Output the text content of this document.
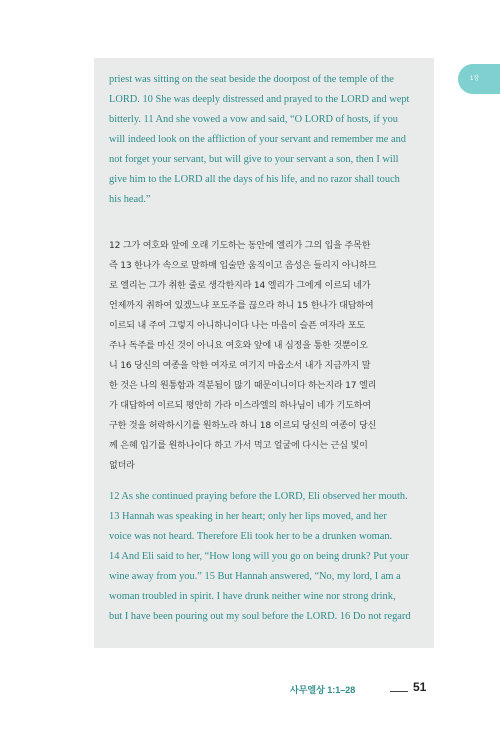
1장

priest was sitting on the seat beside the doorpost of the temple of the
LORD. 10 She was deeply distressed and prayed to the LORD and wept
bitterly. 11 And she vowed a vow and said, “O LORD of hosts, if you
will indeed look on the affliction of your servant and remember me and
not forget your servant, but will give to your servant a son, then I will
give him to the LORD all the days of his life, and no razor shall touch
his head.”

12 그가 여호와 앞에 오래 기도하는 동안에 엘리가 그의 입을 주목한
즉 13 한나가 속으로 말하매 입술만 움직이고 음성은 들리지 아니하므
로 엘리는 그가 취한 줄로 생각한지라 14 엘리가 그에게 이르되 네가
언제까지 취하여 있겠느냐 포도주를 끊으라 하니 15 한나가 대답하여
이르되 내 주여 그렇지 아니하니이다 나는 마음이 슬픈 여자라 포도
주나 독주를 마신 것이 아니요 여호와 앞에 내 심정을 통한 것뿐이오
니 16 당신의 여종을 악한 여자로 여기지 마옵소서 내가 지금까지 말
한 것은 나의 원통함과 격분됨이 많기 때문이니이다 하는지라 17 엘리
가 대답하여 이르되 평안히 가라 이스라엘의 하나님이 네가 기도하여
구한 것을 허락하시기를 원하노라 하니 18 이르되 당신의 여종이 당신
께 은혜 입기를 원하나이다 하고 가서 먹고 얼굴에 다시는 근심 빛이
없더라

12 As she continued praying before the LORD, Eli observed her mouth.
13 Hannah was speaking in her heart; only her lips moved, and her
voice was not heard. Therefore Eli took her to be a drunken woman.
14 And Eli said to her, “How long will you go on being drunk? Put your
wine away from you.” 15 But Hannah answered, “No, my lord, I am a
woman troubled in spirit. I have drunk neither wine nor strong drink,
but I have been pouring out my soul before the LORD. 16 Do not regard

사무엘상 1:1–28	51
